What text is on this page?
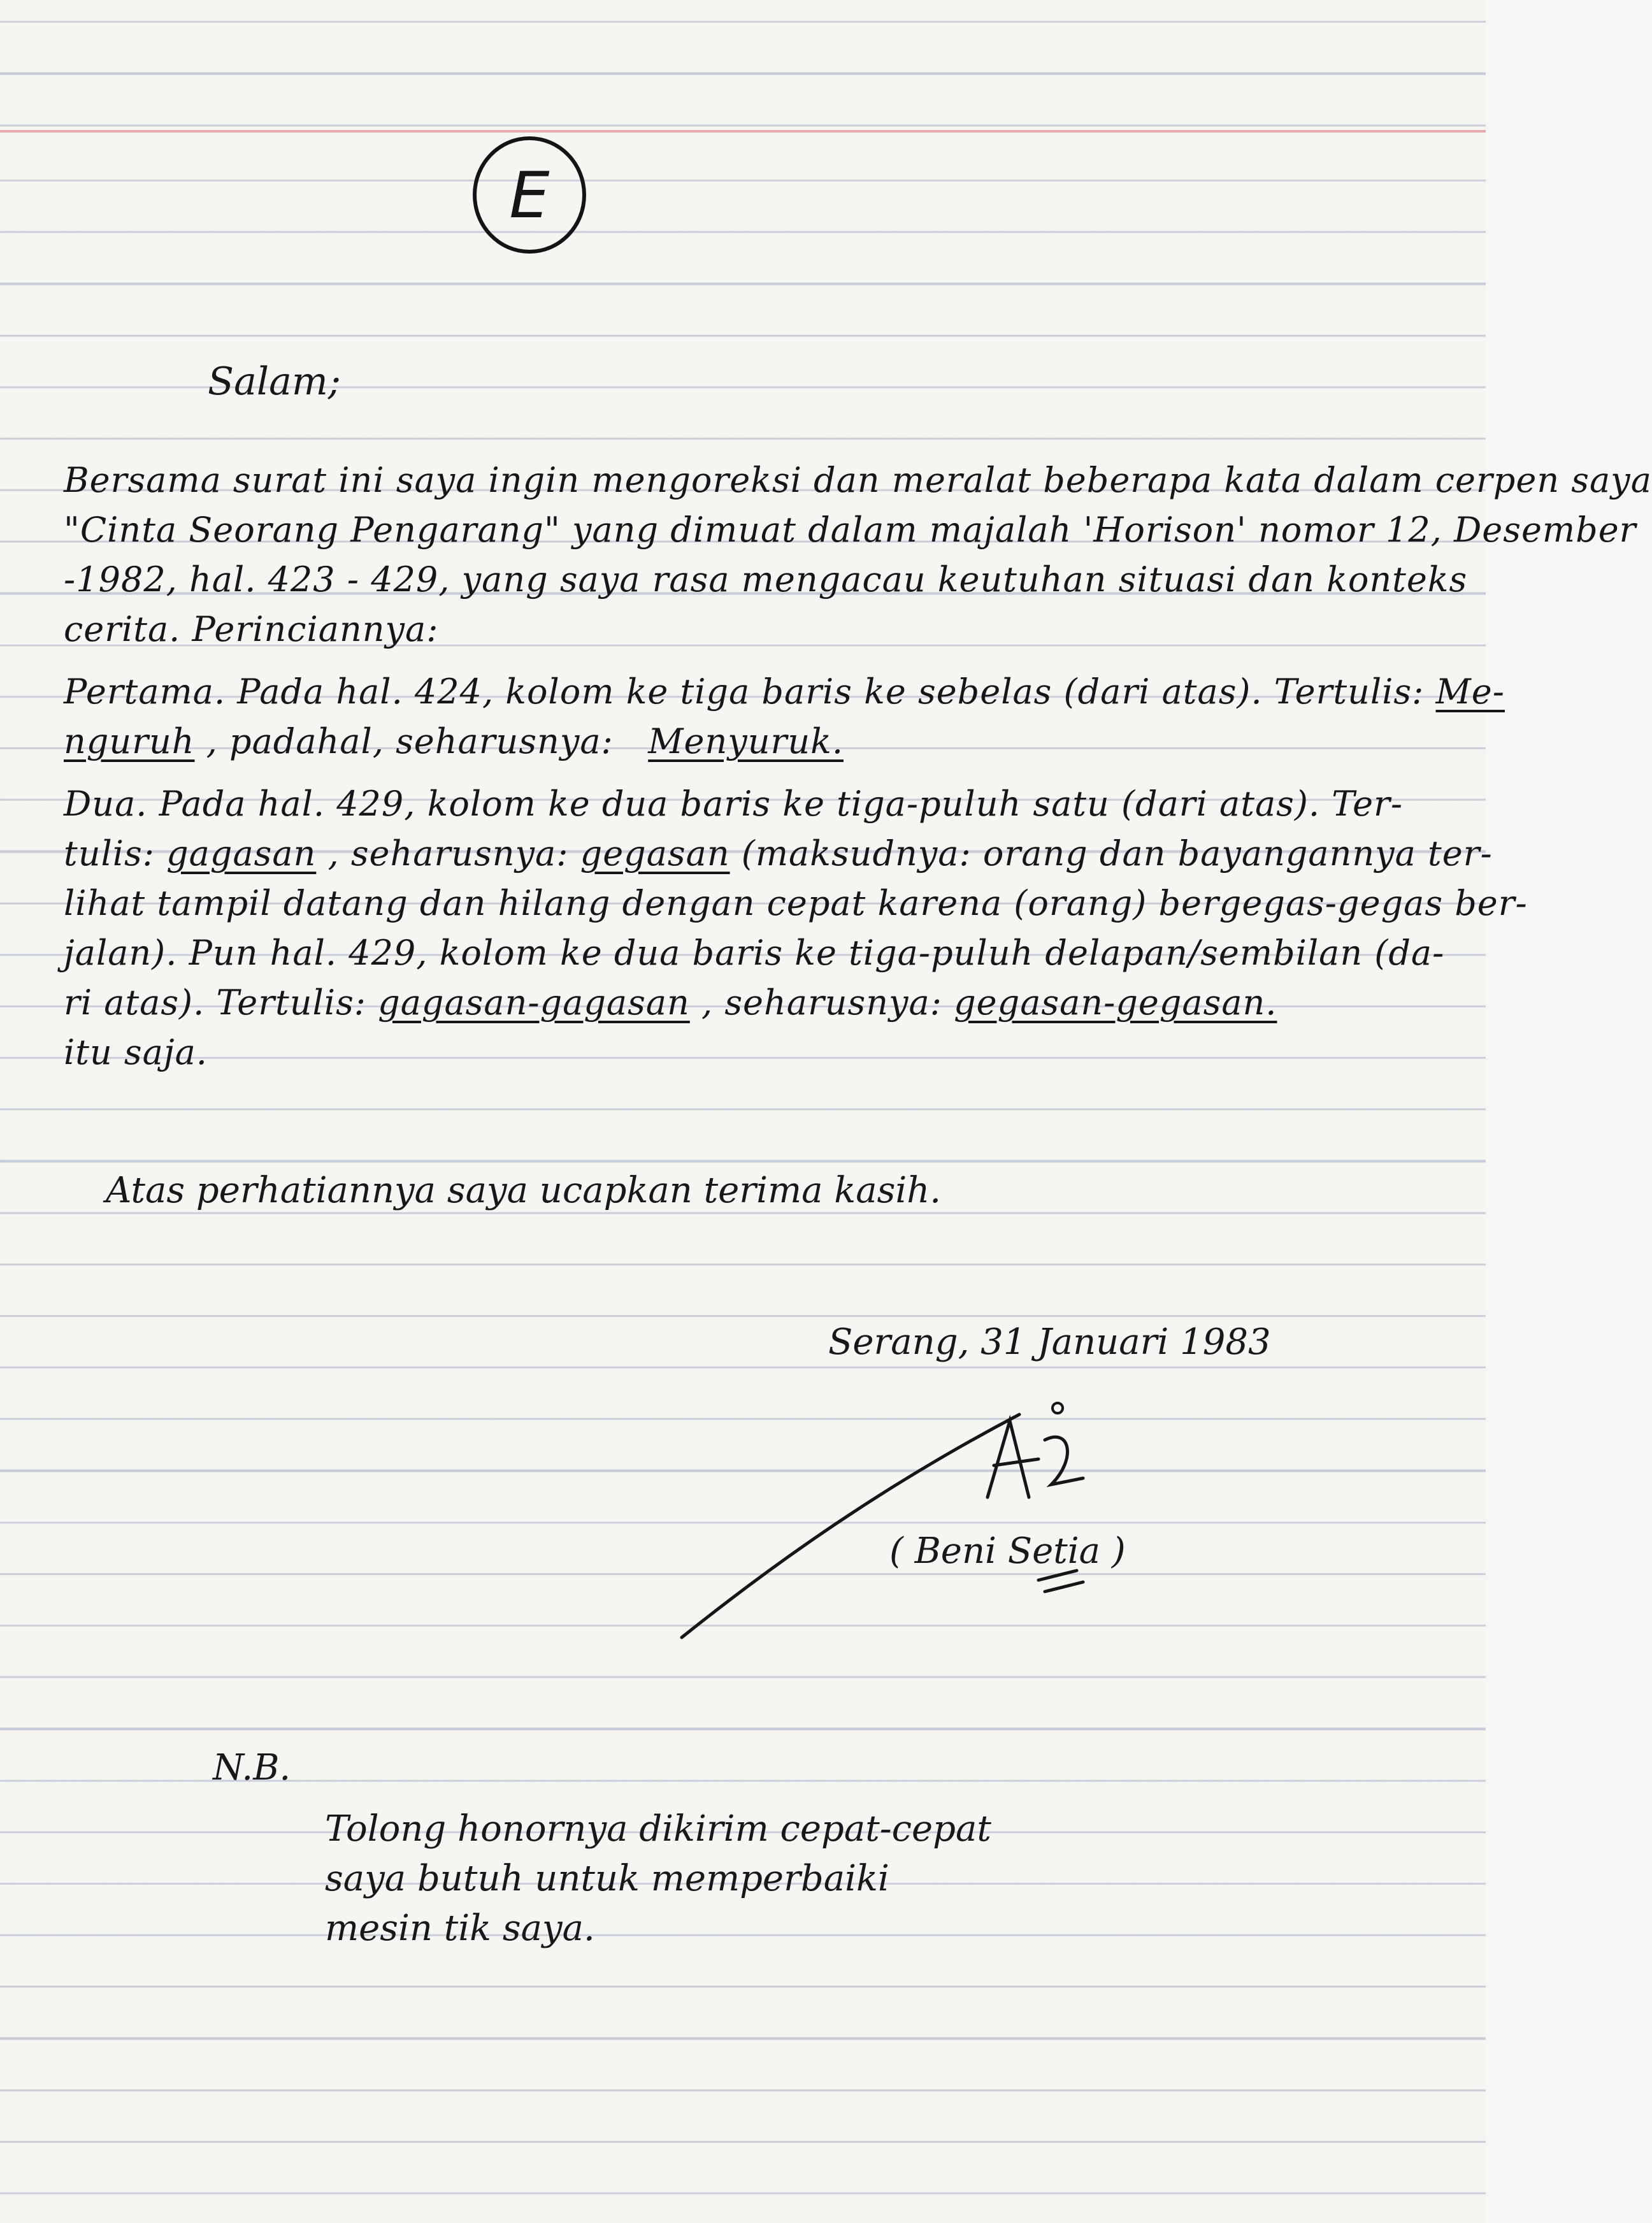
E
Salam;
Bersama surat ini saya ingin mengoreksi dan meralat beberapa kata dalam cerpen saya
"Cinta Seorang Pengarang" yang dimuat dalam majalah 'Horison' nomor 12, Desember
-1982, hal. 423 - 429, yang saya rasa mengacau keutuhan situasi dan konteks
cerita. Perinciannya:
Pertama. Pada hal. 424, kolom ke tiga baris ke sebelas (dari atas). Tertulis: Me-
nguruh , padahal, seharusnya: Menyuruk.
Dua. Pada hal. 429, kolom ke dua baris ke tiga-puluh satu (dari atas). Ter-
tulis: gagasan , seharusnya: gegasan (maksudnya: orang dan bayangannya ter-
lihat tampil datang dan hilang dengan cepat karena (orang) bergegas-gegas ber-
jalan). Pun hal. 429, kolom ke dua baris ke tiga-puluh delapan/sembilan (da-
ri atas). Tertulis: gagasan-gagasan , seharusnya: gegasan-gegasan.
itu saja.
Atas perhatiannya saya ucapkan terima kasih.
Serang, 31 Januari 1983
( Beni Setia )
N.B.
Tolong honornya dikirim cepat-cepat
saya butuh untuk memperbaiki
mesin tik saya.
